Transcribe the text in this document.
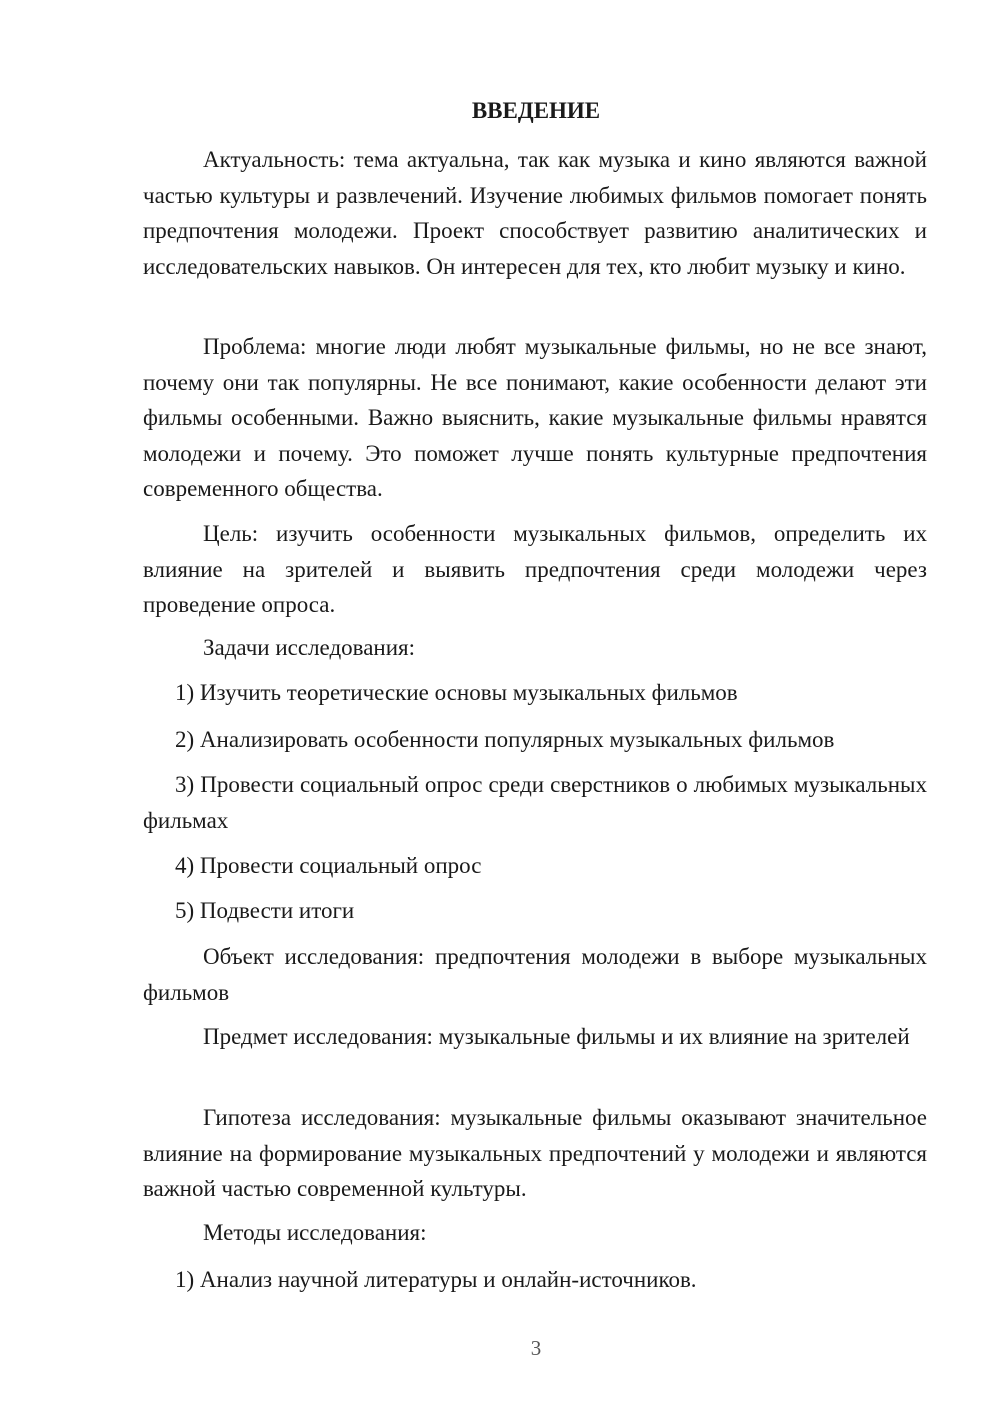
ВВЕДЕНИЕ

Актуальность: тема актуальна, так как музыка и кино являются важной частью культуры и развлечений. Изучение любимых фильмов помогает понять предпочтения молодежи. Проект способствует развитию аналитических и исследовательских навыков. Он интересен для тех, кто любит музыку и кино.

Проблема: многие люди любят музыкальные фильмы, но не все знают, почему они так популярны. Не все понимают, какие особенности делают эти фильмы особенными. Важно выяснить, какие музыкальные фильмы нравятся молодежи и почему. Это поможет лучше понять культурные предпочтения современного общества.

Цель: изучить особенности музыкальных фильмов, определить их влияние на зрителей и выявить предпочтения среди молодежи через проведение опроса.

Задачи исследования:

1) Изучить теоретические основы музыкальных фильмов

2) Анализировать особенности популярных музыкальных фильмов

3) Провести социальный опрос среди сверстников о любимых музыкальных фильмах

4) Провести социальный опрос

5) Подвести итоги

Объект исследования: предпочтения молодежи в выборе музыкальных фильмов

Предмет исследования: музыкальные фильмы и их влияние на зрителей

Гипотеза исследования: музыкальные фильмы оказывают значительное влияние на формирование музыкальных предпочтений у молодежи и являются важной частью современной культуры.

Методы исследования:

1) Анализ научной литературы и онлайн-источников.

3
